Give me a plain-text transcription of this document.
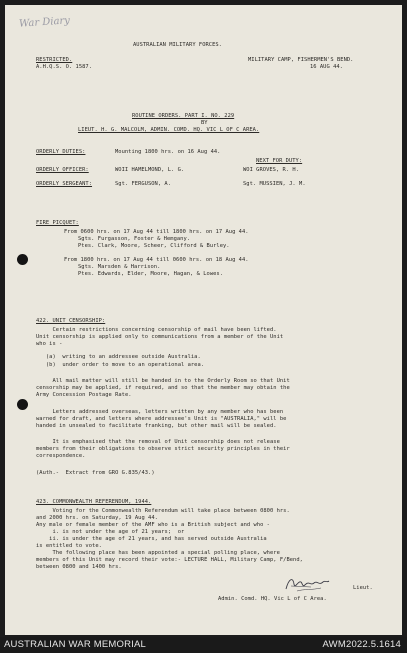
War Diary
AUSTRALIAN MILITARY FORCES.
RESTRICTED.
A.H.Q.S. O. 1587.
MILITARY CAMP, FISHERMEN'S BEND.
16 AUG 44.
ROUTINE ORDERS. PART I. NO. 229
BY
LIEUT. H. G. MALCOLM, ADMIN. COMD. HQ. VIC L OF C AREA.
ORDERLY DUTIES:	Mounting 1800 hrs. on 16 Aug 44.
NEXT FOR DUTY:
ORDERLY OFFICER:	WOII HAMELMOND, L. G.	WOI GROVES, R. H.
ORDERLY SERGEANT:	Sgt. FERGUSON, A.	Sgt. MUSSIEN, J. M.
FIRE PICQUET:
From 0600 hrs. on 17 Aug 44 till 1800 hrs. on 17 Aug 44.
Sgts. Furgasson, Foster & Hemgany.
Ptes. Clark, Moore, Scheer, Clifford & Burley.
From 1800 hrs. on 17 Aug 44 till 0600 hrs. on 18 Aug 44.
Sgts. Marsden & Harrison.
Ptes. Edwards, Elder, Moore, Hagan, & Lowes.
422. UNIT CENSORSHIP:
Certain restrictions concerning censorship of mail have been lifted.
Unit censorship is applied only to communications from a member of the Unit
who is -
(a)  writing to an addressee outside Australia.
(b)  under order to move to an operational area.
All mail matter will still be handed in to the Orderly Room so that Unit
censorship may be applied, if required, and so that the member may obtain the
Army Concession Postage Rate.
Letters addressed overseas, letters written by any member who has been
warned for draft, and letters where addressee's Unit is "AUSTRALIA," will be
handed in unsealed to facilitate franking, but other mail will be sealed.
It is emphasised that the removal of Unit censorship does not release
members from their obligations to observe strict security principles in their
correspondence.
(Auth.-  Extract from GRO G.835/43.)
423. COMMONWEALTH REFERENDUM, 1944.
Voting for the Commonwealth Referendum will take place between 0800 hrs.
and 2000 hrs. on Saturday, 19 Aug 44.
Any male or female member of the AMF who is a British subject and who -
i. is not under the age of 21 years;  or
ii. is under the age of 21 years, and has served outside Australia
is entitled to vote.
The following place has been appointed a special polling place, where
members of this Unit may record their vote:- LECTURE HALL, Military Camp, F/Bend,
between 0800 and 1400 hrs.
Lieut.
Admin. Comd. HQ. Vic L of C Area.
AUSTRALIAN WAR MEMORIAL	AWM2022.5.1614
